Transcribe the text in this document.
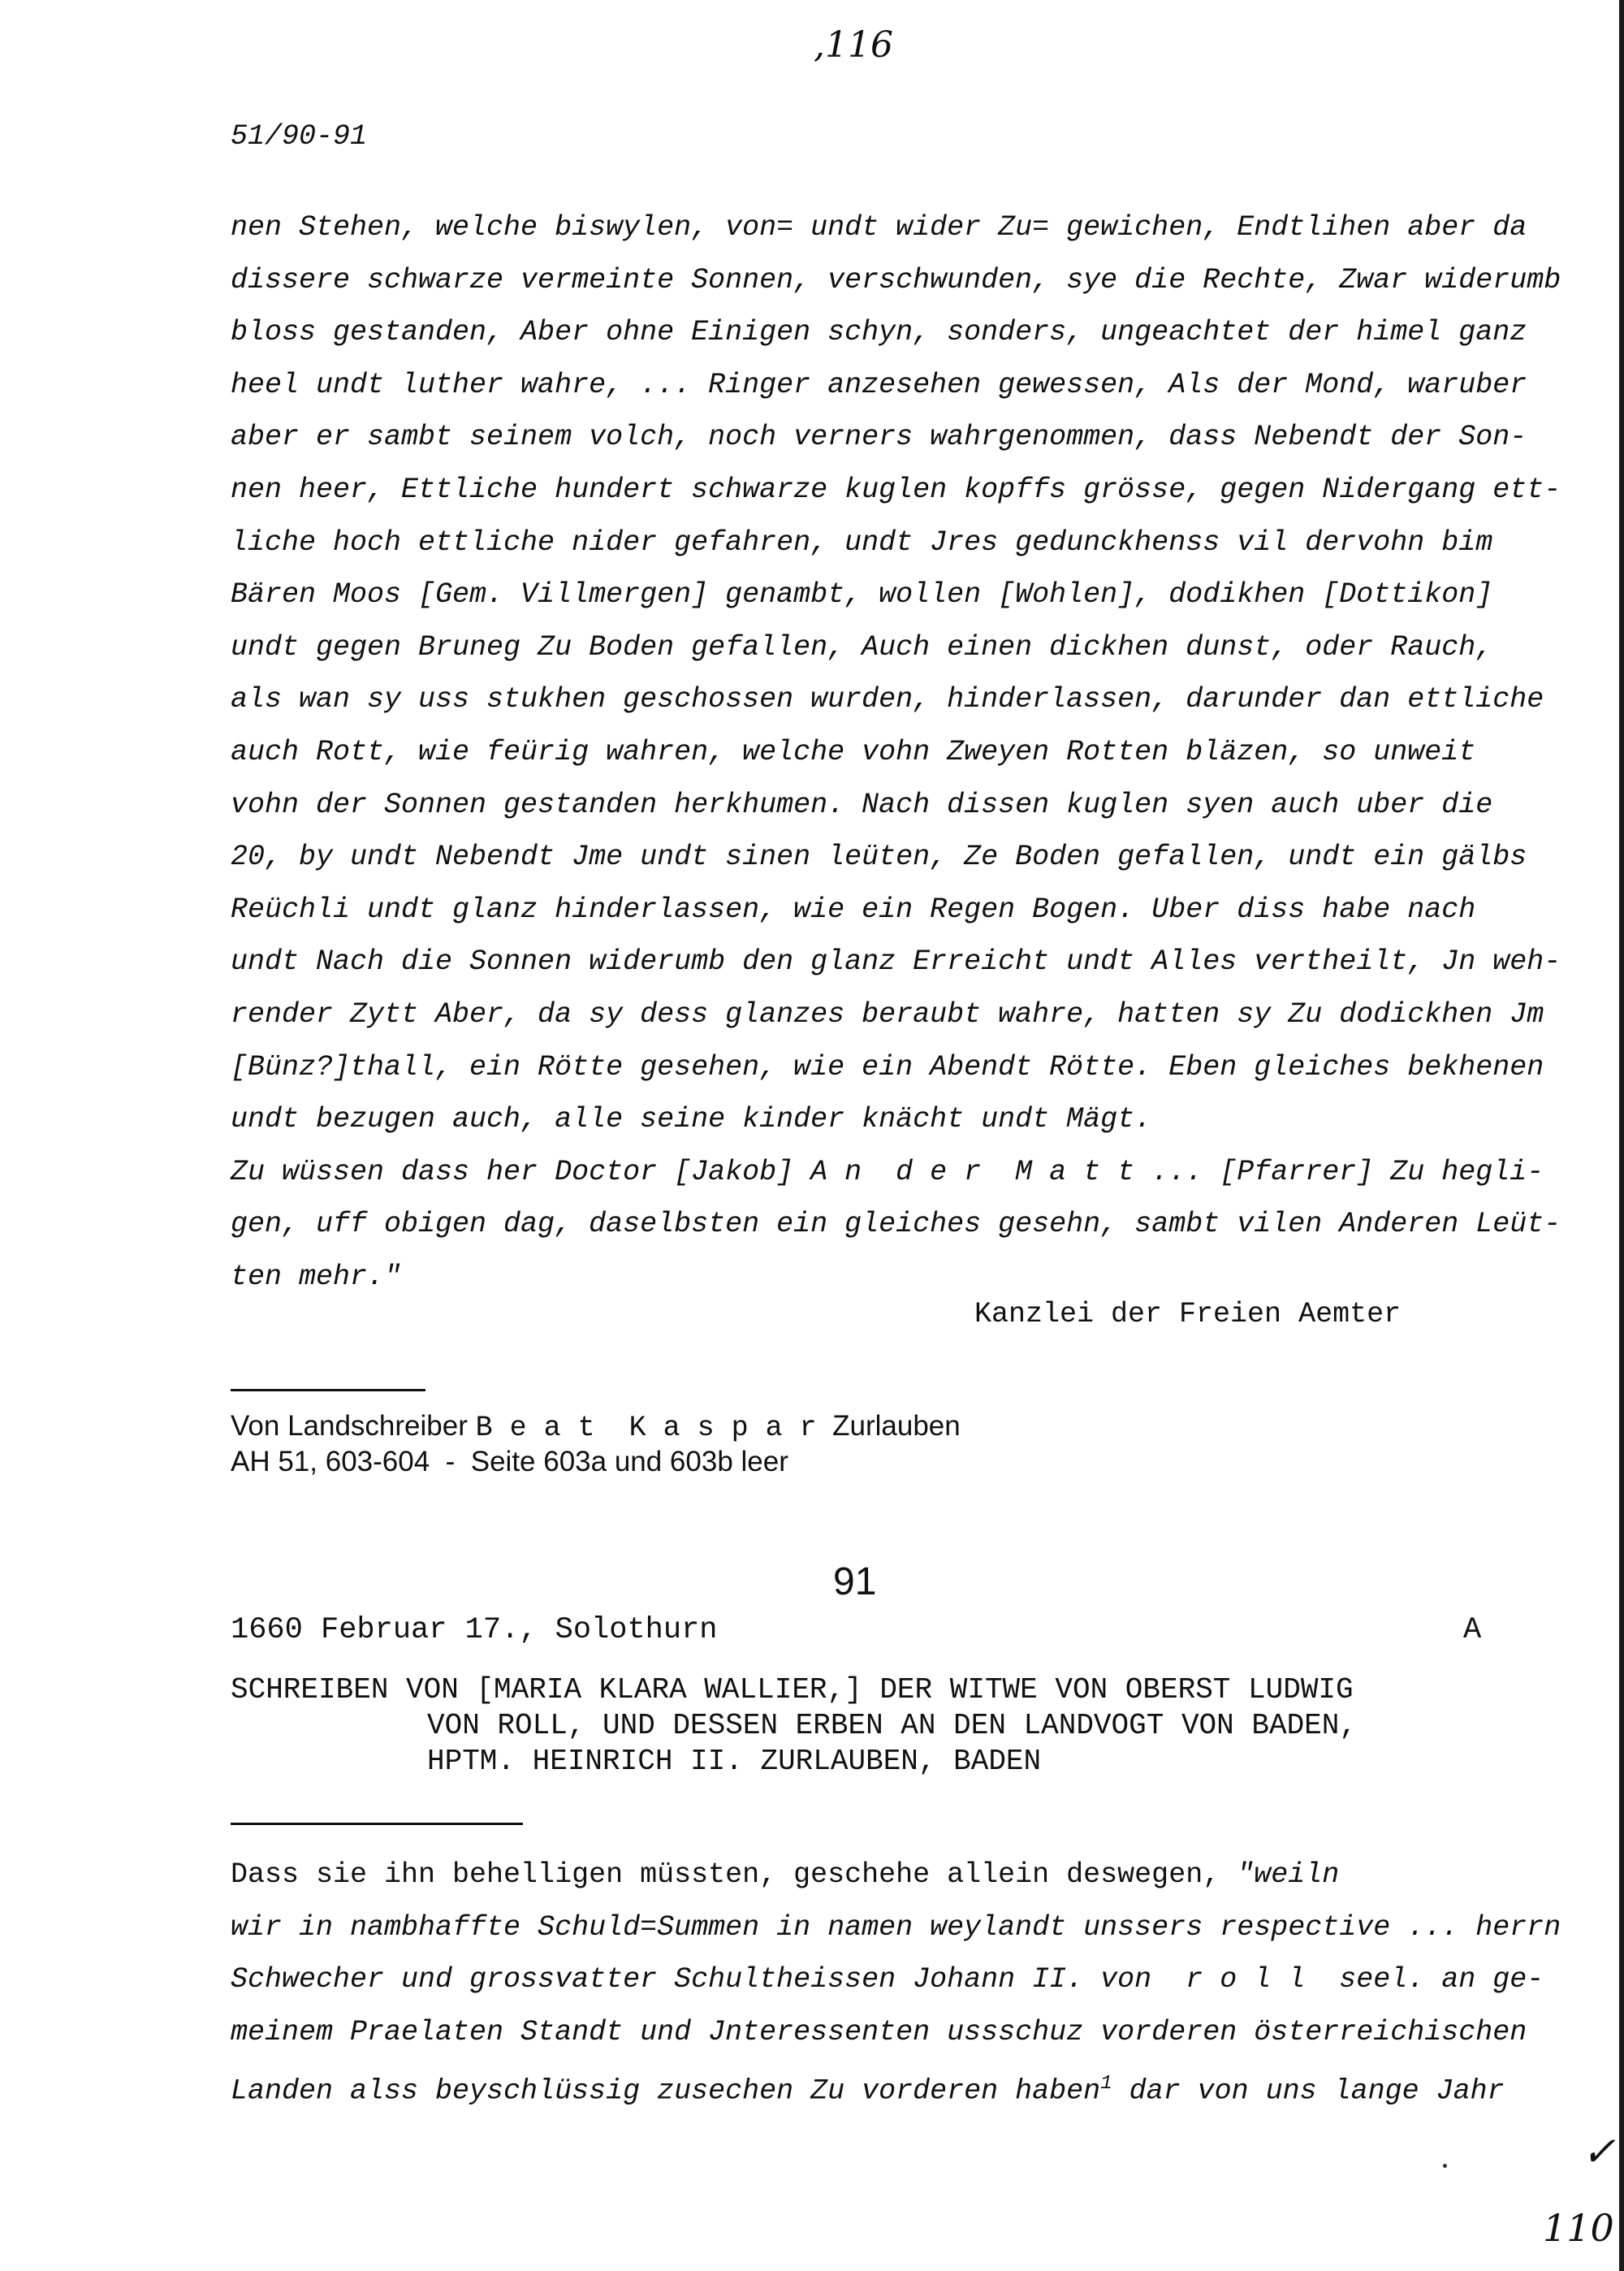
,116
51/90-91
nen Stehen, welche biswylen, von= undt wider Zu= gewichen, Endtlihen aber da
dissere schwarze vermeinte Sonnen, verschwunden, sye die Rechte, Zwar widerumb
bloss gestanden, Aber ohne Einigen schyn, sonders, ungeachtet der himel ganz
heel undt luther wahre, ... Ringer anzesehen gewessen, Als der Mond, waruber
aber er sambt seinem volch, noch verners wahrgenommen, dass Nebendt der Son-
nen heer, Ettliche hundert schwarze kuglen kopffs grösse, gegen Nidergang ett-
liche hoch ettliche nider gefahren, undt Jres gedunckhenss vil dervohn bim
Bären Moos [Gem. Villmergen] genambt, wollen [Wohlen], dodikhen [Dottikon]
undt gegen Bruneg Zu Boden gefallen, Auch einen dickhen dunst, oder Rauch,
als wan sy uss stukhen geschossen wurden, hinderlassen, darunder dan ettliche
auch Rott, wie feürig wahren, welche vohn Zweyen Rotten bläzen, so unweit
vohn der Sonnen gestanden herkhumen. Nach dissen kuglen syen auch uber die
20, by undt Nebendt Jme undt sinen leüten, Ze Boden gefallen, undt ein gälbs
Reüchli undt glanz hinderlassen, wie ein Regen Bogen. Uber diss habe nach
undt Nach die Sonnen widerumb den glanz Erreicht undt Alles vertheilt, Jn weh-
render Zytt Aber, da sy dess glanzes beraubt wahre, hatten sy Zu dodickhen Jm
[Bünz?]thall, ein Rötte gesehen, wie ein Abendt Rötte. Eben gleiches bekhenen
undt bezugen auch, alle seine kinder knächt undt Mägt.
Zu wüssen dass her Doctor [Jakob] A n  d e r  M a t t ... [Pfarrer] Zu hegli-
gen, uff obigen dag, daselbsten ein gleiches gesehn, sambt vilen Anderen Leüt-
ten mehr."
Kanzlei der Freien Aemter
Von Landschreiber B e a t  K a s p a r  Zurlauben
AH 51, 603-604  -  Seite 603a und 603b leer
91
1660 Februar 17., Solothurn	A
SCHREIBEN VON [MARIA KLARA WALLIER,] DER WITWE VON OBERST LUDWIG
VON ROLL, UND DESSEN ERBEN AN DEN LANDVOGT VON BADEN,
HPTM. HEINRICH II. ZURLAUBEN, BADEN
Dass sie ihn behelligen müssten, geschehe allein deswegen, "weiln
wir in nambhaffte Schuld=Summen in namen weylandt unssers respective ... herrn
Schwecher und grossvatter Schultheissen Johann II. von  r o l l  seel. an ge-
meinem Praelaten Standt und Jnteressenten ussschuz vorderen österreichischen
Landen alss beyschlüssig zusechen Zu vorderen haben$^1$ dar von uns lange Jahr
✓
110
